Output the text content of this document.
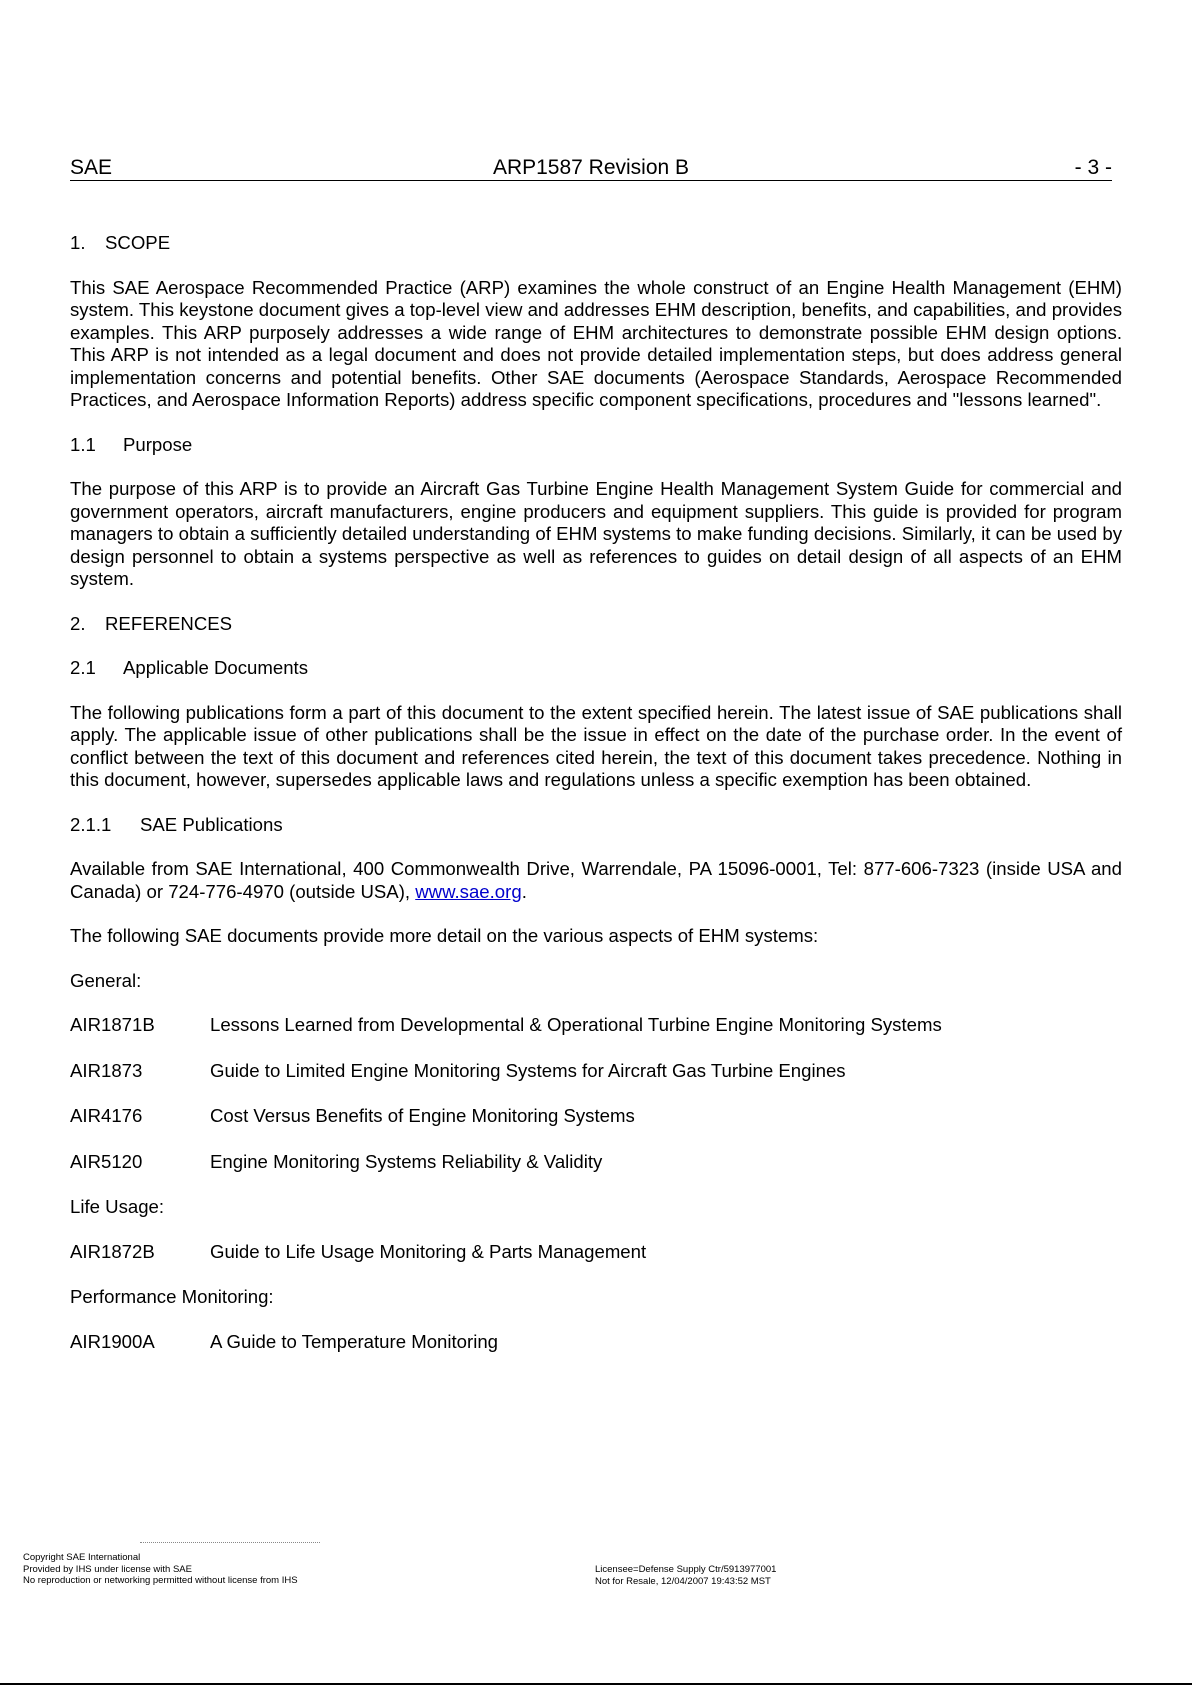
SAE	ARP1587 Revision B	- 3 -
1. SCOPE

This SAE Aerospace Recommended Practice (ARP) examines the whole construct of an Engine Health Management (EHM) system. This keystone document gives a top-level view and addresses EHM description, benefits, and capabilities, and provides examples. This ARP purposely addresses a wide range of EHM architectures to demonstrate possible EHM design options. This ARP is not intended as a legal document and does not provide detailed implementation steps, but does address general implementation concerns and potential benefits. Other SAE documents (Aerospace Standards, Aerospace Recommended Practices, and Aerospace Information Reports) address specific component specifications, procedures and "lessons learned".

1.1 Purpose

The purpose of this ARP is to provide an Aircraft Gas Turbine Engine Health Management System Guide for commercial and government operators, aircraft manufacturers, engine producers and equipment suppliers. This guide is provided for program managers to obtain a sufficiently detailed understanding of EHM systems to make funding decisions. Similarly, it can be used by design personnel to obtain a systems perspective as well as references to guides on detail design of all aspects of an EHM system.

2. REFERENCES
2.1 Applicable Documents

The following publications form a part of this document to the extent specified herein. The latest issue of SAE publications shall apply. The applicable issue of other publications shall be the issue in effect on the date of the purchase order. In the event of conflict between the text of this document and references cited herein, the text of this document takes precedence. Nothing in this document, however, supersedes applicable laws and regulations unless a specific exemption has been obtained.

2.1.1 SAE Publications

Available from SAE International, 400 Commonwealth Drive, Warrendale, PA 15096-0001, Tel: 877-606-7323 (inside USA and Canada) or 724-776-4970 (outside USA), www.sae.org.

The following SAE documents provide more detail on the various aspects of EHM systems:

General:

AIR1871B	Lessons Learned from Developmental & Operational Turbine Engine Monitoring Systems
AIR1873	Guide to Limited Engine Monitoring Systems for Aircraft Gas Turbine Engines
AIR4176	Cost Versus Benefits of Engine Monitoring Systems
AIR5120	Engine Monitoring Systems Reliability & Validity

Life Usage:

AIR1872B	Guide to Life Usage Monitoring & Parts Management

Performance Monitoring:

AIR1900A	A Guide to Temperature Monitoring
Copyright SAE International
Provided by IHS under license with SAE
No reproduction or networking permitted without license from IHS
Licensee=Defense Supply Ctr/5913977001
Not for Resale, 12/04/2007 19:43:52 MST
